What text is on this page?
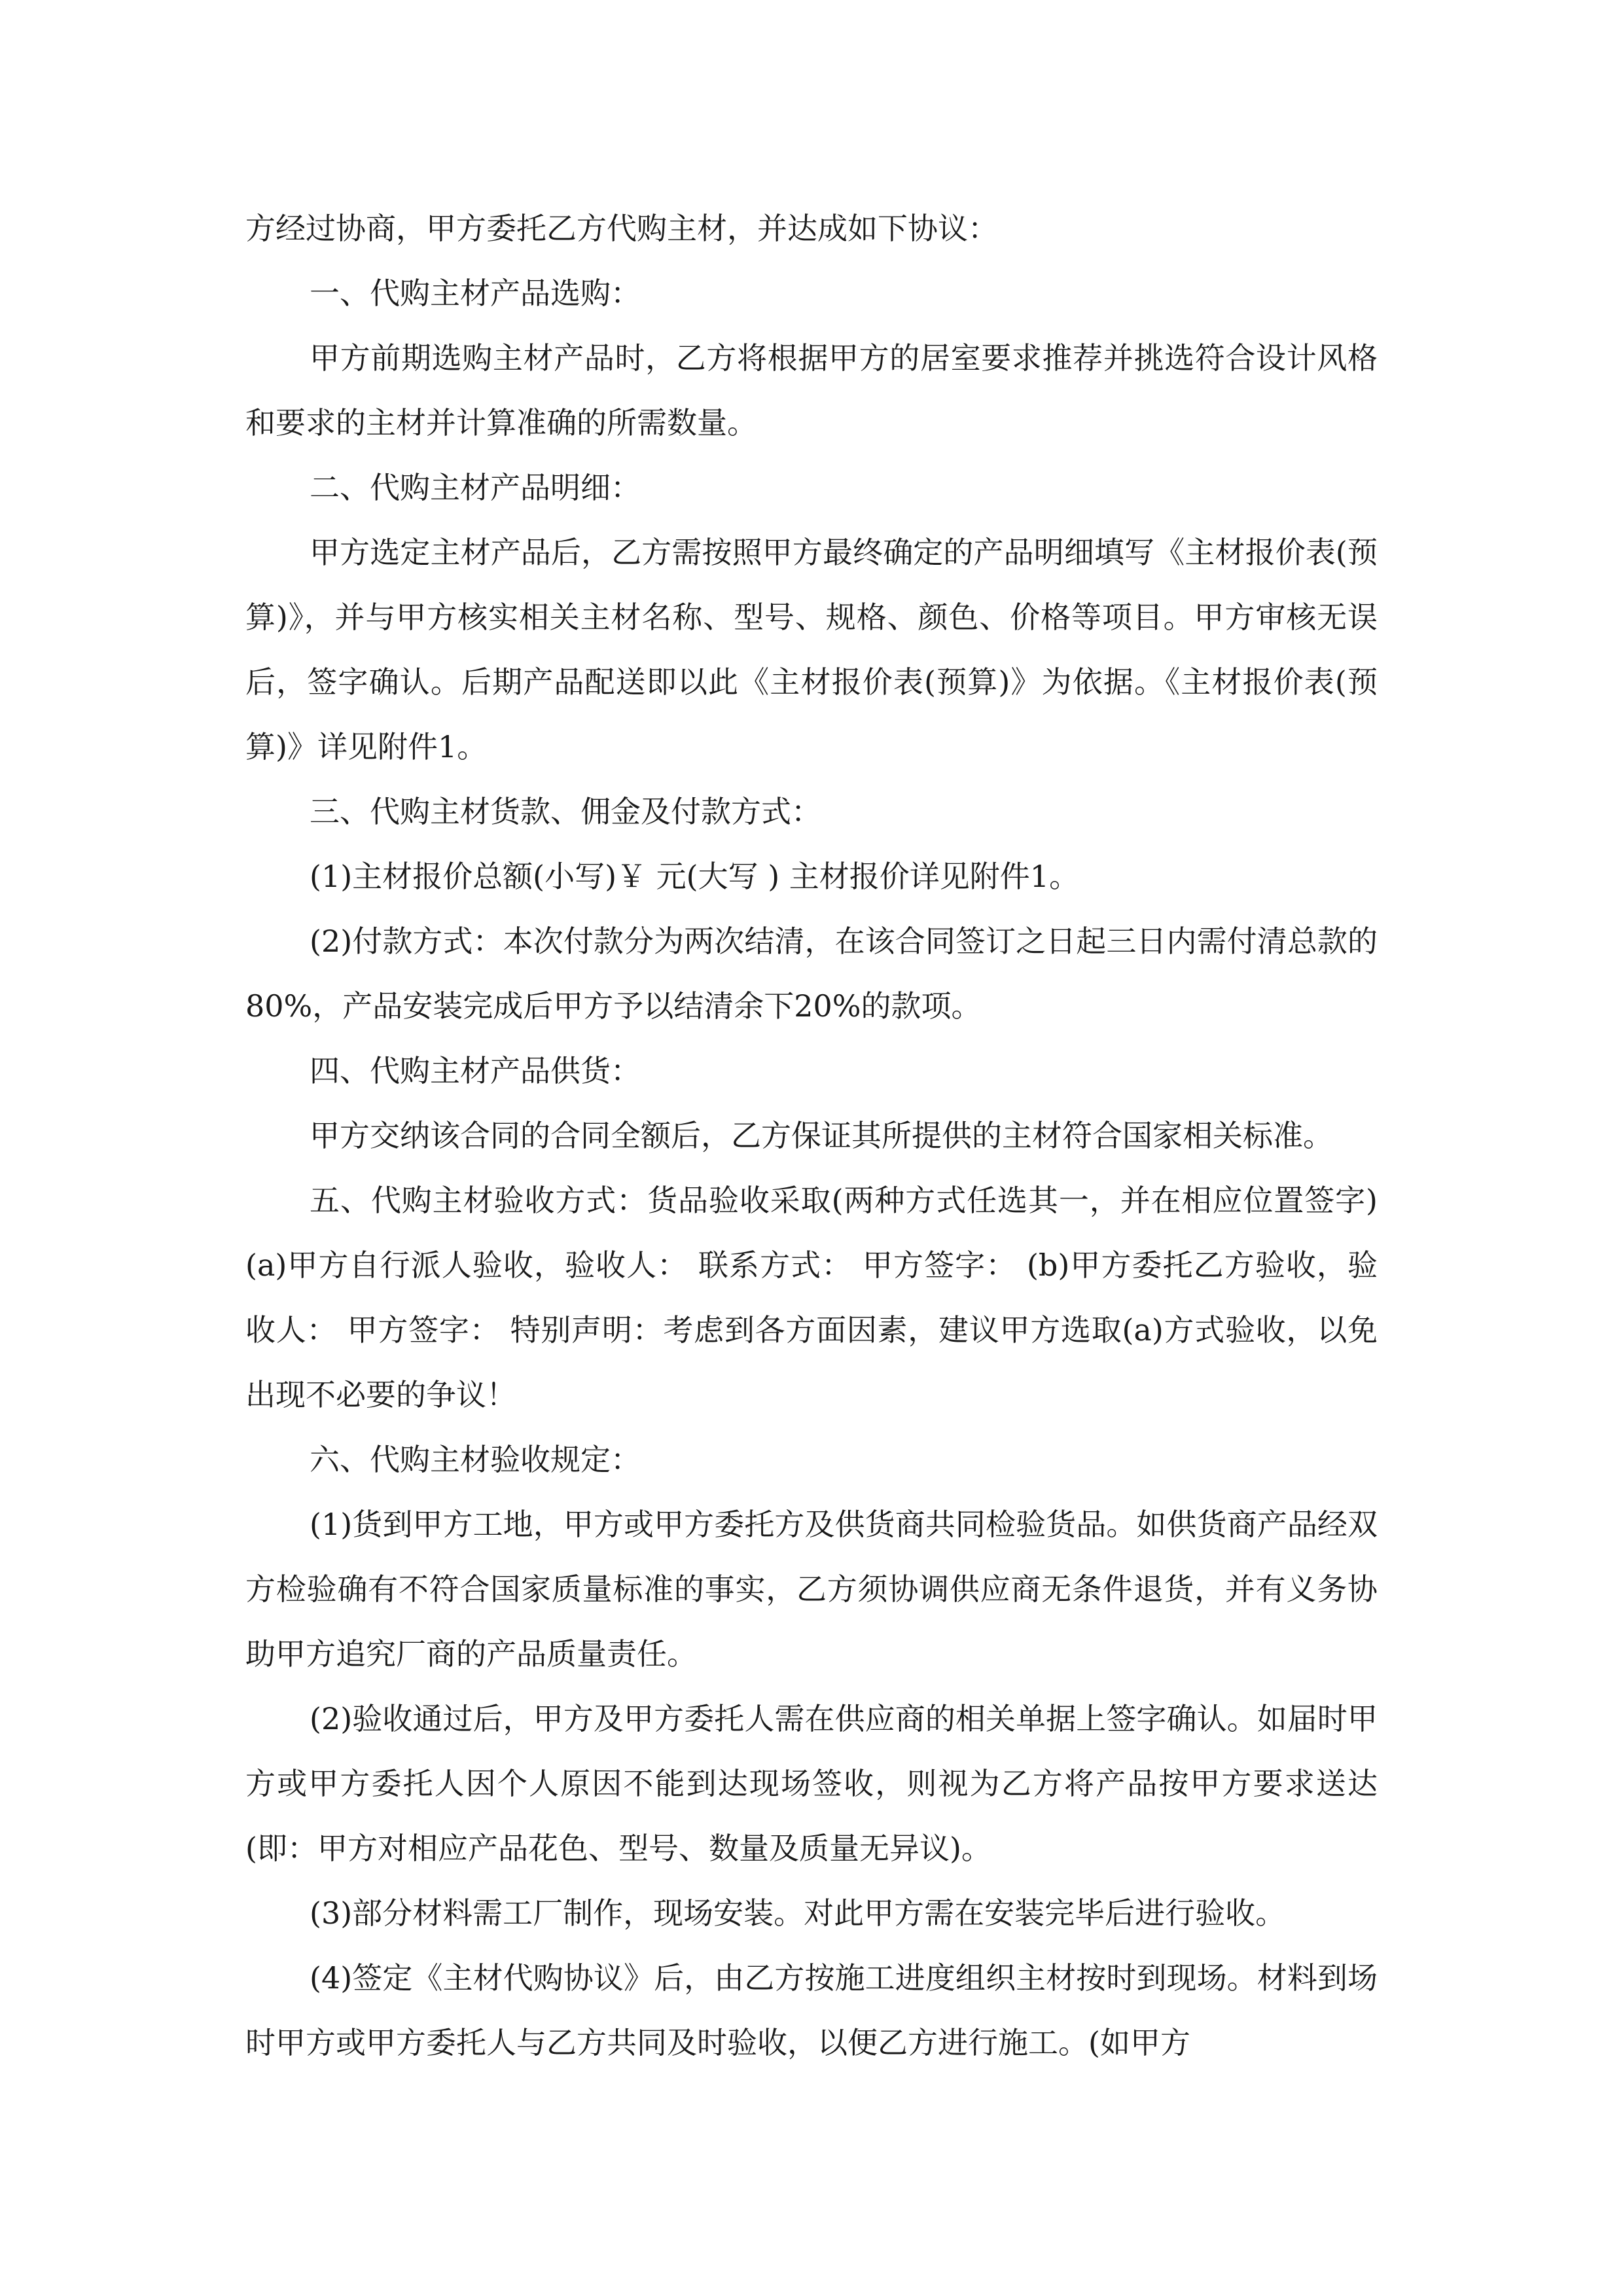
方经过协商，甲方委托乙方代购主材，并达成如下协议：

一、代购主材产品选购：

甲方前期选购主材产品时，乙方将根据甲方的居室要求推荐并挑选符合设计风格和要求的主材并计算准确的所需数量。

二、代购主材产品明细：

甲方选定主材产品后，乙方需按照甲方最终确定的产品明细填写《主材报价表(预算)》，并与甲方核实相关主材名称、型号、规格、颜色、价格等项目。甲方审核无误后，签字确认。后期产品配送即以此《主材报价表(预算)》为依据。《主材报价表(预算)》详见附件1。

三、代购主材货款、佣金及付款方式：

(1)主材报价总额(小写)￥ 元(大写 ) 主材报价详见附件1。

(2)付款方式：本次付款分为两次结清，在该合同签订之日起三日内需付清总款的80%，产品安装完成后甲方予以结清余下20%的款项。

四、代购主材产品供货：

甲方交纳该合同的合同全额后，乙方保证其所提供的主材符合国家相关标准。

五、代购主材验收方式：货品验收采取(两种方式任选其一，并在相应位置签字) (a)甲方自行派人验收，验收人： 联系方式： 甲方签字： (b)甲方委托乙方验收，验收人： 甲方签字： 特别声明：考虑到各方面因素，建议甲方选取(a)方式验收，以免出现不必要的争议！

六、代购主材验收规定：

(1)货到甲方工地，甲方或甲方委托方及供货商共同检验货品。如供货商产品经双方检验确有不符合国家质量标准的事实，乙方须协调供应商无条件退货，并有义务协助甲方追究厂商的产品质量责任。

(2)验收通过后，甲方及甲方委托人需在供应商的相关单据上签字确认。如届时甲方或甲方委托人因个人原因不能到达现场签收，则视为乙方将产品按甲方要求送达(即：甲方对相应产品花色、型号、数量及质量无异议)。

(3)部分材料需工厂制作，现场安装。对此甲方需在安装完毕后进行验收。

(4)签定《主材代购协议》后，由乙方按施工进度组织主材按时到现场。材料到场时甲方或甲方委托人与乙方共同及时验收，以便乙方进行施工。(如甲方
